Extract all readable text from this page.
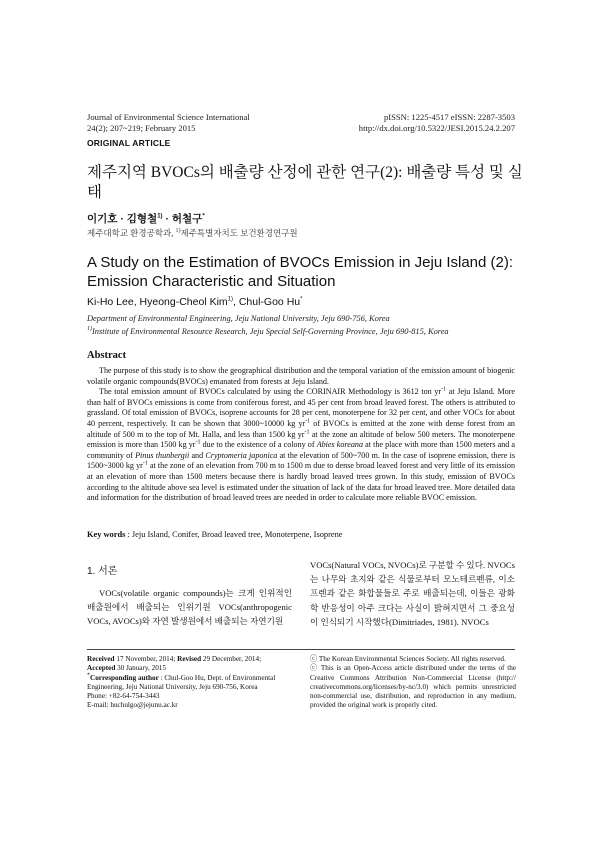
Journal of Environmental Science International
24(2); 207~219; February 2015
pISSN: 1225-4517 eISSN: 2287-3503
http://dx.doi.org/10.5322/JESI.2015.24.2.207
ORIGINAL ARTICLE
제주지역 BVOCs의 배출량 산정에 관한 연구(2): 배출량 특성 및 실태
이기호 · 김형철$^{1)}$ · 허철구*
제주대학교 환경공학과, $^{1)}$제주특별자치도 보건환경연구원
A Study on the Estimation of BVOCs Emission in Jeju Island (2): Emission Characteristic and Situation
Ki-Ho Lee, Hyeong-Cheol Kim$^{1)}$, Chul-Goo Hu*
Department of Environmental Engineering, Jeju National University, Jeju 690-756, Korea
$^{1)}$Institute of Environmental Resource Research, Jeju Special Self-Governing Province, Jeju 690-815, Korea
Abstract

The purpose of this study is to show the geographical distribution and the temporal variation of the emission amount of biogenic volatile organic compounds(BVOCs) emanated from forests at Jeju Island.

The total emission amount of BVOCs calculated by using the CORINAIR Methodology is 3612 ton $yr^{-1}$ at Jeju Island. More than half of BVOCs emissions is come from coniferous forest, and 45 per cent from broad leaved forest. The others is attributed to grassland. Of total emission of BVOCs, isoprene accounts for 28 per cent, monoterpene for 32 per cent, and other VOCs for about 40 percent, respectively. It can be shown that 3000~10000 kg $yr^{-1}$ of BVOCs is emitted at the zone with dense forest from an altitude of 500 m to the top of Mt. Halla, and less than 1500 kg $yr^{-1}$ at the zone an altitude of below 500 meters. The monoterpene emission is more than 1500 kg $yr^{-1}$ due to the existence of a colony of Abies koreana at the place with more than 1500 meters and a community of Pinus thunbergii and Cryptomeria japonica at the elevation of 500~700 m. In the case of isoprene emission, there is 1500~3000 kg $yr^{-1}$ at the zone of an elevation from 700 m to 1500 m due to dense broad leaved forest and very little of its emission at an elevation of more than 1500 meters because there is hardly broad leaved trees grown. In this study, emission of BVOCs according to the altitude above sea level is estimated under the situation of lack of the data for broad leaved tree. More detailed data and information for the distribution of broad leaved trees are needed in order to calculate more reliable BVOC emission.

Key words : Jeju Island, Conifer, Broad leaved tree, Monoterpene, Isoprene
1. 서론
VOCs(volatile organic compounds)는 크게 인위적인 배출원에서 배출되는 인위기원 VOCs(anthropogenic VOCs, AVOCs)와 자연 발생원에서 배출되는 자연기원
VOCs(Natural VOCs, NVOCs)로 구분할 수 있다. NVOCs는 나무와 초지와 같은 식물로부터 모노테르펜류, 이소프렌과 같은 화합물들로 주로 배출되는데, 이들은 광화학 반응성이 아주 크다는 사실이 밝혀지면서 그 중요성이 인식되기 시작했다(Dimitriades, 1981). NVOCs
Received 17 November, 2014; Revised 29 December, 2014;
Accepted 30 January, 2015
*Corresponding author : Chul-Goo Hu, Dept. of Environmental Engineering, Jeju National University, Jeju 690-756, Korea
Phone: +82-64-754-3443
E-mail: huchulgo@jejunu.ac.kr
ⓒ The Korean Environmental Sciences Society. All rights reserved.
ⓒ This is an Open-Access article distributed under the terms of the Creative Commons Attribution Non-Commercial License (http:// creativecommons.org/licenses/by-nc/3.0) which permits unrestricted non-commercial use, distribution, and reproduction in any medium, provided the original work is properly cited.
